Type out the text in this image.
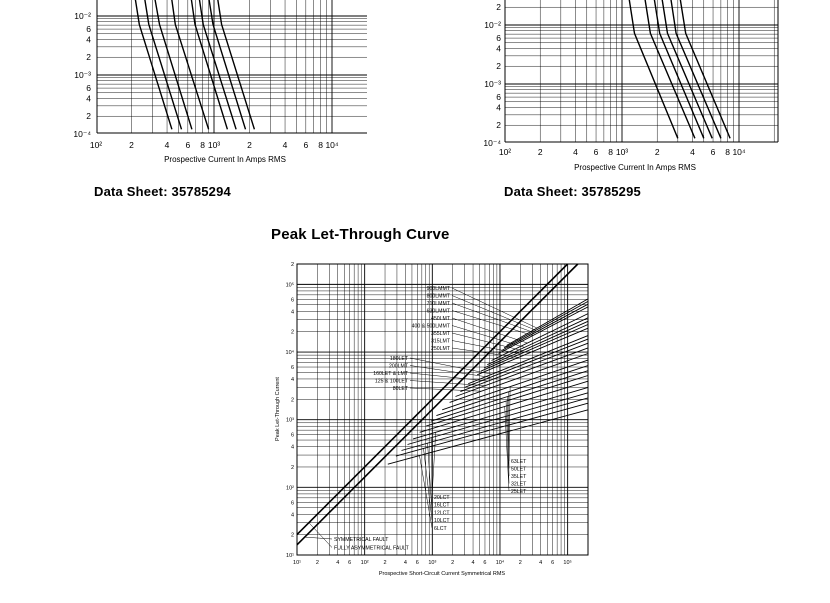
10²	2	4 6 8 10³	2	4 6 8 10⁴
10⁻²
6
4
2
10⁻³
6
4
2
10⁻⁴
Prospective Current In Amps RMS
10²	2	4 6 8 10³	2	4 6 8 10⁴
2
10⁻²
6
4
2
10⁻³
6
4
2
10⁻⁴
Prospective Current In Amps RMS
900LMMT
800LMMT
710LMMT
630LMMT
450LMT
400 & 500LMMT
355LMT
315LMT
250LMT
180LET
200LMT
160LET & LMT
125 & 100LET
80LET
63LET
50LET
35LET
32LET
25LET
20LCT
16LCT
12LCT
10LCT
6LCT
SYMMETRICAL FAULT
FULLY ASYMMETRICAL FAULT
10¹	2	4 6 10²	2	4 6 10³	2	4 6 10⁴	2	4 6 10⁵
10¹
2
4
6
10²
2
4
6
10³
2
4
6
10⁴
2
4
6
10⁵
2
Prospective Short-Circuit Current Symmetrical RMS
Peak Let-Through Current
Data Sheet: 35785294	Data Sheet: 35785295
Peak Let-Through Curve
